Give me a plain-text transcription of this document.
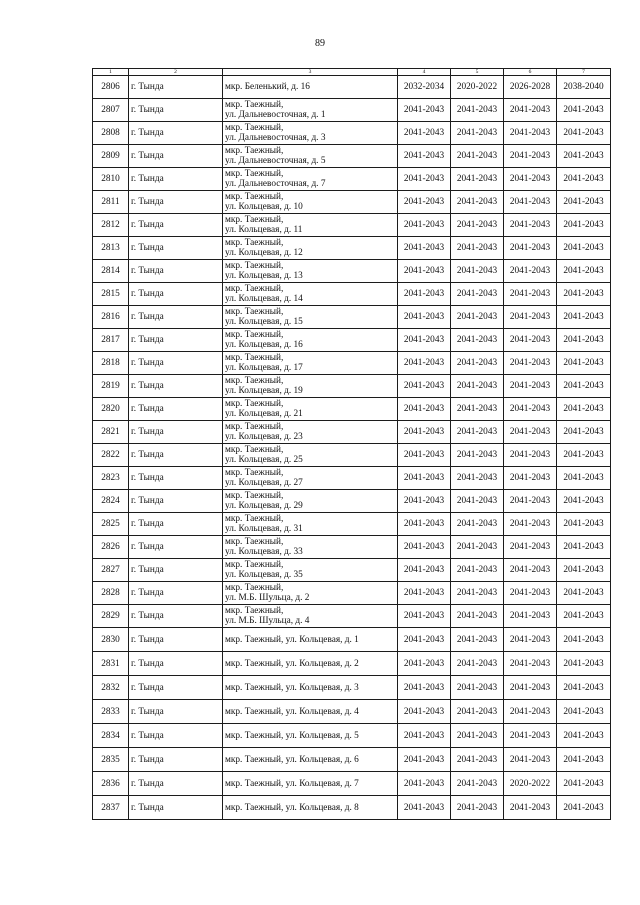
89
1	2	3	4	5	6	7
2806	г. Тында	мкр. Беленький, д. 16	2032-2034	2020-2022	2026-2028	2038-2040
2807	г. Тында	мкр. Таежный,
ул. Дальневосточная, д. 1	2041-2043	2041-2043	2041-2043	2041-2043
2808	г. Тында	мкр. Таежный,
ул. Дальневосточная, д. 3	2041-2043	2041-2043	2041-2043	2041-2043
2809	г. Тында	мкр. Таежный,
ул. Дальневосточная, д. 5	2041-2043	2041-2043	2041-2043	2041-2043
2810	г. Тында	мкр. Таежный,
ул. Дальневосточная, д. 7	2041-2043	2041-2043	2041-2043	2041-2043
2811	г. Тында	мкр. Таежный,
ул. Кольцевая, д. 10	2041-2043	2041-2043	2041-2043	2041-2043
2812	г. Тында	мкр. Таежный,
ул. Кольцевая, д. 11	2041-2043	2041-2043	2041-2043	2041-2043
2813	г. Тында	мкр. Таежный,
ул. Кольцевая, д. 12	2041-2043	2041-2043	2041-2043	2041-2043
2814	г. Тында	мкр. Таежный,
ул. Кольцевая, д. 13	2041-2043	2041-2043	2041-2043	2041-2043
2815	г. Тында	мкр. Таежный,
ул. Кольцевая, д. 14	2041-2043	2041-2043	2041-2043	2041-2043
2816	г. Тында	мкр. Таежный,
ул. Кольцевая, д. 15	2041-2043	2041-2043	2041-2043	2041-2043
2817	г. Тында	мкр. Таежный,
ул. Кольцевая, д. 16	2041-2043	2041-2043	2041-2043	2041-2043
2818	г. Тында	мкр. Таежный,
ул. Кольцевая, д. 17	2041-2043	2041-2043	2041-2043	2041-2043
2819	г. Тында	мкр. Таежный,
ул. Кольцевая, д. 19	2041-2043	2041-2043	2041-2043	2041-2043
2820	г. Тында	мкр. Таежный,
ул. Кольцевая, д. 21	2041-2043	2041-2043	2041-2043	2041-2043
2821	г. Тында	мкр. Таежный,
ул. Кольцевая, д. 23	2041-2043	2041-2043	2041-2043	2041-2043
2822	г. Тында	мкр. Таежный,
ул. Кольцевая, д. 25	2041-2043	2041-2043	2041-2043	2041-2043
2823	г. Тында	мкр. Таежный,
ул. Кольцевая, д. 27	2041-2043	2041-2043	2041-2043	2041-2043
2824	г. Тында	мкр. Таежный,
ул. Кольцевая, д. 29	2041-2043	2041-2043	2041-2043	2041-2043
2825	г. Тында	мкр. Таежный,
ул. Кольцевая, д. 31	2041-2043	2041-2043	2041-2043	2041-2043
2826	г. Тында	мкр. Таежный,
ул. Кольцевая, д. 33	2041-2043	2041-2043	2041-2043	2041-2043
2827	г. Тында	мкр. Таежный,
ул. Кольцевая, д. 35	2041-2043	2041-2043	2041-2043	2041-2043
2828	г. Тында	мкр. Таежный,
ул. М.Б. Шульца, д. 2	2041-2043	2041-2043	2041-2043	2041-2043
2829	г. Тында	мкр. Таежный,
ул. М.Б. Шульца, д. 4	2041-2043	2041-2043	2041-2043	2041-2043
2830	г. Тында	мкр. Таежный, ул. Кольцевая, д. 1	2041-2043	2041-2043	2041-2043	2041-2043
2831	г. Тында	мкр. Таежный, ул. Кольцевая, д. 2	2041-2043	2041-2043	2041-2043	2041-2043
2832	г. Тында	мкр. Таежный, ул. Кольцевая, д. 3	2041-2043	2041-2043	2041-2043	2041-2043
2833	г. Тында	мкр. Таежный, ул. Кольцевая, д. 4	2041-2043	2041-2043	2041-2043	2041-2043
2834	г. Тында	мкр. Таежный, ул. Кольцевая, д. 5	2041-2043	2041-2043	2041-2043	2041-2043
2835	г. Тында	мкр. Таежный, ул. Кольцевая, д. 6	2041-2043	2041-2043	2041-2043	2041-2043
2836	г. Тында	мкр. Таежный, ул. Кольцевая, д. 7	2041-2043	2041-2043	2020-2022	2041-2043
2837	г. Тында	мкр. Таежный, ул. Кольцевая, д. 8	2041-2043	2041-2043	2041-2043	2041-2043
